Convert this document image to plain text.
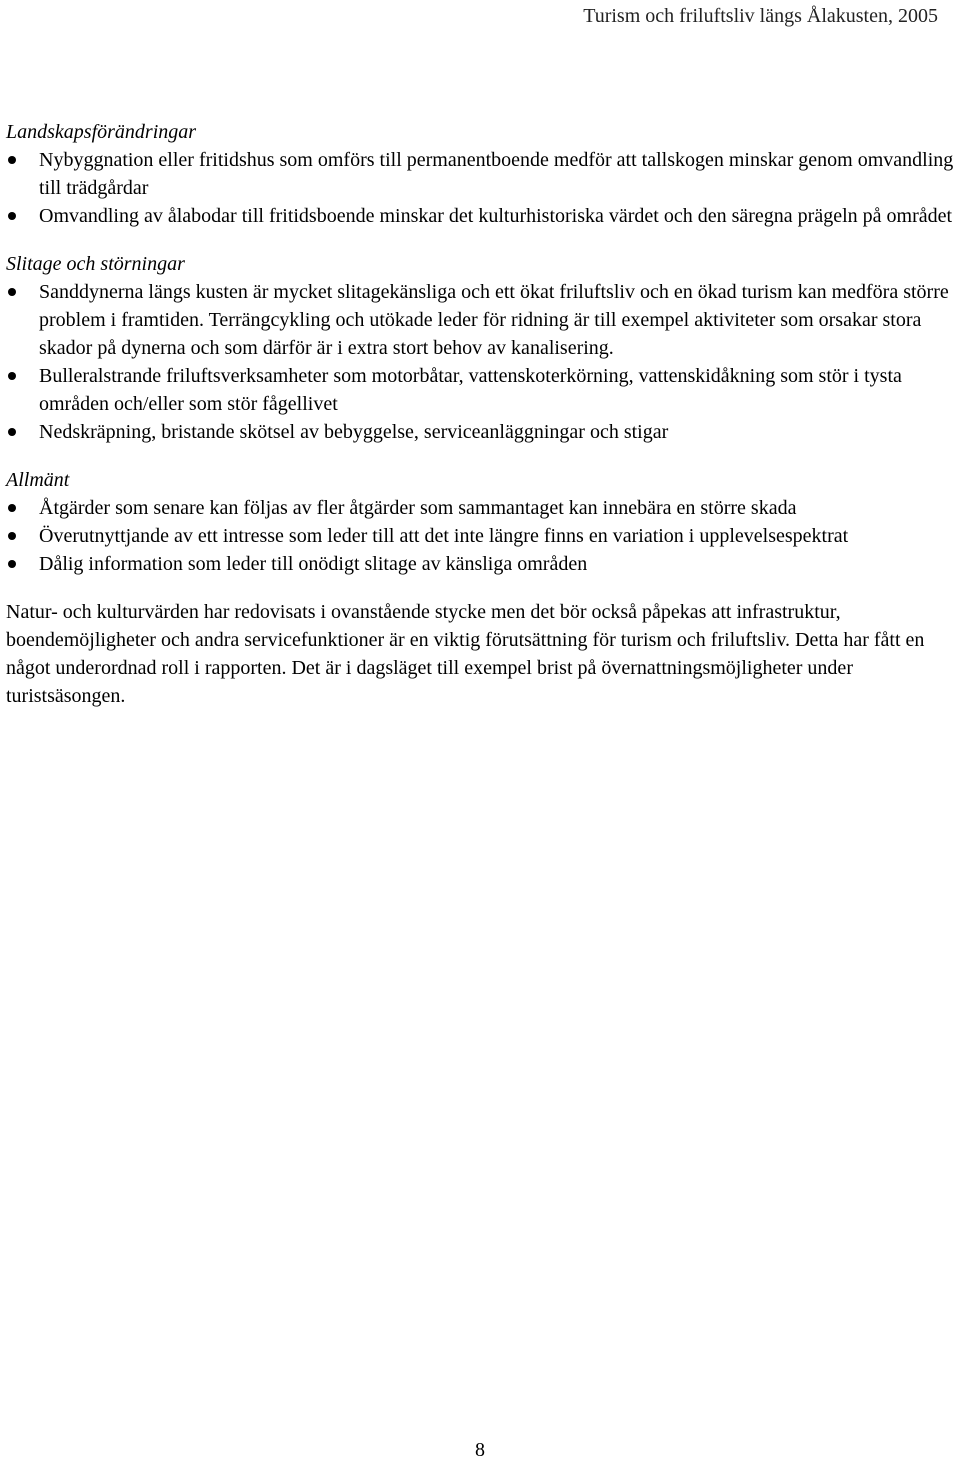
Turism och friluftsliv längs Ålakusten, 2005

Landskapsförändringar

Nybyggnation eller fritidshus som omförs till permanentboende medför att tallskogen minskar genom omvandling till trädgårdar
Omvandling av ålabodar till fritidsboende minskar det kulturhistoriska värdet och den säregna prägeln på området

Slitage och störningar

Sanddynerna längs kusten är mycket slitagekänsliga och ett ökat friluftsliv och en ökad turism kan medföra större problem i framtiden. Terrängcykling och utökade leder för ridning är till exempel aktiviteter som orsakar stora skador på dynerna och som därför är i extra stort behov av kanalisering.
Bulleralstrande friluftsverksamheter som motorbåtar, vattenskoterkörning, vattenskidåkning som stör i tysta områden och/eller som stör fågellivet
Nedskräpning, bristande skötsel av bebyggelse, serviceanläggningar och stigar

Allmänt

Åtgärder som senare kan följas av fler åtgärder som sammantaget kan innebära en större skada
Överutnyttjande av ett intresse som leder till att det inte längre finns en variation i upplevelsespektrat
Dålig information som leder till onödigt slitage av känsliga områden

Natur- och kulturvärden har redovisats i ovanstående stycke men det bör också påpekas att infrastruktur, boendemöjligheter och andra servicefunktioner är en viktig förutsättning för turism och friluftsliv. Detta har fått en något underordnad roll i rapporten. Det är i dagsläget till exempel brist på övernattningsmöjligheter under turistsäsongen.

8
